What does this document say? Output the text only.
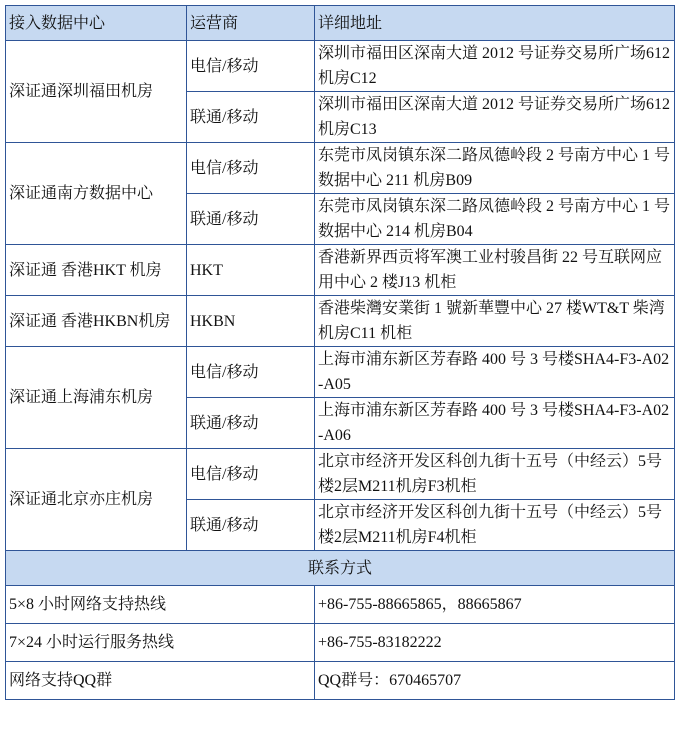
接入数据中心	运营商	详细地址
深证通深圳福田机房	电信/移动	深圳市福田区深南大道 2012 号证券交易所广场612 机房C12
	联通/移动	深圳市福田区深南大道 2012 号证券交易所广场612 机房C13
深证通南方数据中心	电信/移动	东莞市凤岗镇东深二路凤德岭段 2 号南方中心 1 号数据中心 211 机房B09
	联通/移动	东莞市凤岗镇东深二路凤德岭段 2 号南方中心 1 号数据中心 214 机房B04
深证通 香港HKT 机房	HKT	香港新界西贡将军澳工业村骏昌街 22 号互联网应用中心 2 楼J13 机柜
深证通 香港HKBN机房	HKBN	香港柴灣安業街 1 號新華豐中心 27 楼WT&T 柴湾机房C11 机柜
深证通上海浦东机房	电信/移动	上海市浦东新区芳春路 400 号 3 号楼SHA4-F3-A02-A05
	联通/移动	上海市浦东新区芳春路 400 号 3 号楼SHA4-F3-A02-A06
深证通北京亦庄机房	电信/移动	北京市经济开发区科创九街十五号（中经云）5号楼2层M211机房F3机柜
	联通/移动	北京市经济开发区科创九街十五号（中经云）5号楼2层M211机房F4机柜
联系方式		
5×8 小时网络支持热线		+86-755-88665865，88665867
7×24 小时运行服务热线		+86-755-83182222
网络支持QQ群		QQ群号：670465707
